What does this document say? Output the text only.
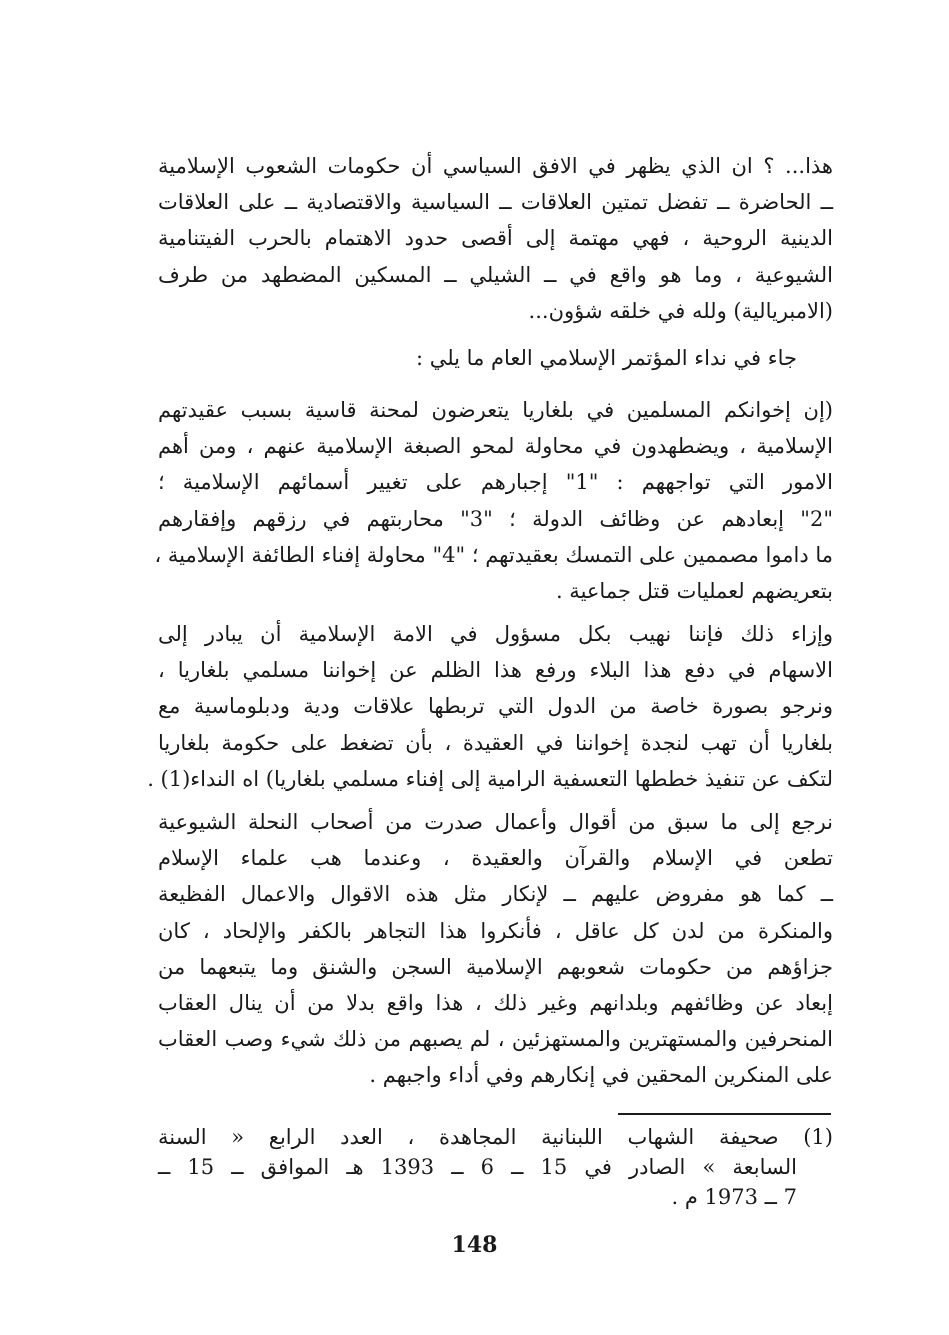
هذا... ؟ ان الذي يظهر في الافق السياسي أن حكومات الشعوب الإسلامية
ــ الحاضرة ــ تفضل تمتين العلاقات ــ السياسية والاقتصادية ــ على العلاقات
الدينية الروحية ، فهي مهتمة إلى أقصى حدود الاهتمام بالحرب الفيتنامية
الشيوعية ، وما هو واقع في ــ الشيلي ــ المسكين المضطهد من طرف
(الامبريالية) ولله في خلقه شؤون...
جاء في نداء المؤتمر الإسلامي العام ما يلي :
(إن إخوانكم المسلمين في بلغاريا يتعرضون لمحنة قاسية بسبب عقيدتهم
الإسلامية ، ويضطهدون في محاولة لمحو الصبغة الإسلامية عنهم ، ومن أهم
الامور التي تواجههم : "1" إجبارهم على تغيير أسمائهم الإسلامية ؛
"2" إبعادهم عن وظائف الدولة ؛ "3" محاربتهم في رزقهم وإفقارهم
ما داموا مصممين على التمسك بعقيدتهم ؛ "4" محاولة إفناء الطائفة الإسلامية ،
بتعريضهم لعمليات قتل جماعية .
وإزاء ذلك فإننا نهيب بكل مسؤول في الامة الإسلامية أن يبادر إلى
الاسهام في دفع هذا البلاء ورفع هذا الظلم عن إخواننا مسلمي بلغاريا ،
ونرجو بصورة خاصة من الدول التي تربطها علاقات ودية ودبلوماسية مع
بلغاريا أن تهب لنجدة إخواننا في العقيدة ، بأن تضغط على حكومة بلغاريا
لتكف عن تنفيذ خططها التعسفية الرامية إلى إفناء مسلمي بلغاريا) اه النداء(1) .
نرجع إلى ما سبق من أقوال وأعمال صدرت من أصحاب النحلة الشيوعية
تطعن في الإسلام والقرآن والعقيدة ، وعندما هب علماء الإسلام
ــ كما هو مفروض عليهم ــ لإنكار مثل هذه الاقوال والاعمال الفظيعة
والمنكرة من لدن كل عاقل ، فأنكروا هذا التجاهر بالكفر والإلحاد ، كان
جزاؤهم من حكومات شعوبهم الإسلامية السجن والشنق وما يتبعهما من
إبعاد عن وظائفهم وبلدانهم وغير ذلك ، هذا واقع بدلا من أن ينال العقاب
المنحرفين والمستهترين والمستهزئين ، لم يصبهم من ذلك شيء وصب العقاب
على المنكرين المحقين في إنكارهم وفي أداء واجبهم .
(1) صحيفة الشهاب اللبنانية المجاهدة ، العدد الرابع « السنة
السابعة » الصادر في 15 ــ 6 ــ 1393 هـ الموافق ــ 15 ــ
7 ــ 1973 م .
148
